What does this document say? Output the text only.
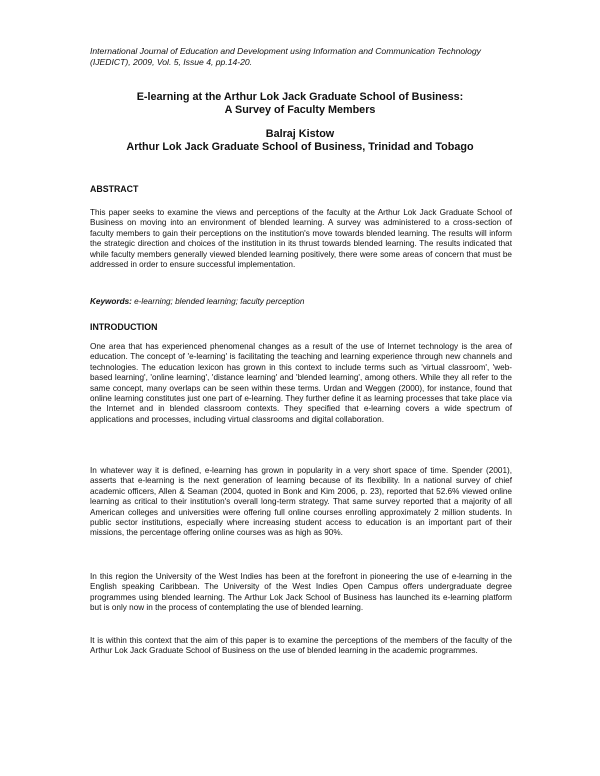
International Journal of Education and Development using Information and Communication Technology
(IJEDICT), 2009, Vol. 5, Issue 4, pp.14-20.
E-learning at the Arthur Lok Jack Graduate School of Business:
A Survey of Faculty Members
Balraj Kistow
Arthur Lok Jack Graduate School of Business, Trinidad and Tobago
ABSTRACT
This paper seeks to examine the views and perceptions of the faculty at the Arthur Lok Jack Graduate School of Business on moving into an environment of blended learning. A survey was administered to a cross-section of faculty members to gain their perceptions on the institution's move towards blended learning. The results will inform the strategic direction and choices of the institution in its thrust towards blended learning. The results indicated that while faculty members generally viewed blended learning positively, there were some areas of concern that must be addressed in order to ensure successful implementation.
Keywords: e-learning; blended learning; faculty perception
INTRODUCTION
One area that has experienced phenomenal changes as a result of the use of Internet technology is the area of education. The concept of 'e-learning' is facilitating the teaching and learning experience through new channels and technologies. The education lexicon has grown in this context to include terms such as 'virtual classroom', 'web-based learning', 'online learning', 'distance learning' and 'blended learning', among others. While they all refer to the same concept, many overlaps can be seen within these terms. Urdan and Weggen (2000), for instance, found that online learning constitutes just one part of e-learning. They further define it as learning processes that take place via the Internet and in blended classroom contexts. They specified that e-learning covers a wide spectrum of applications and processes, including virtual classrooms and digital collaboration.
In whatever way it is defined, e-learning has grown in popularity in a very short space of time. Spender (2001), asserts that e-learning is the next generation of learning because of its flexibility. In a national survey of chief academic officers, Allen & Seaman (2004, quoted in Bonk and Kim 2006, p. 23), reported that 52.6% viewed online learning as critical to their institution's overall long-term strategy. That same survey reported that a majority of all American colleges and universities were offering full online courses enrolling approximately 2 million students. In public sector institutions, especially where increasing student access to education is an important part of their missions, the percentage offering online courses was as high as 90%.
In this region the University of the West Indies has been at the forefront in pioneering the use of e-learning in the English speaking Caribbean. The University of the West Indies Open Campus offers undergraduate degree programmes using blended learning. The Arthur Lok Jack School of Business has launched its e-learning platform but is only now in the process of contemplating the use of blended learning.
It is within this context that the aim of this paper is to examine the perceptions of the members of the faculty of the Arthur Lok Jack Graduate School of Business on the use of blended learning in the academic programmes.
